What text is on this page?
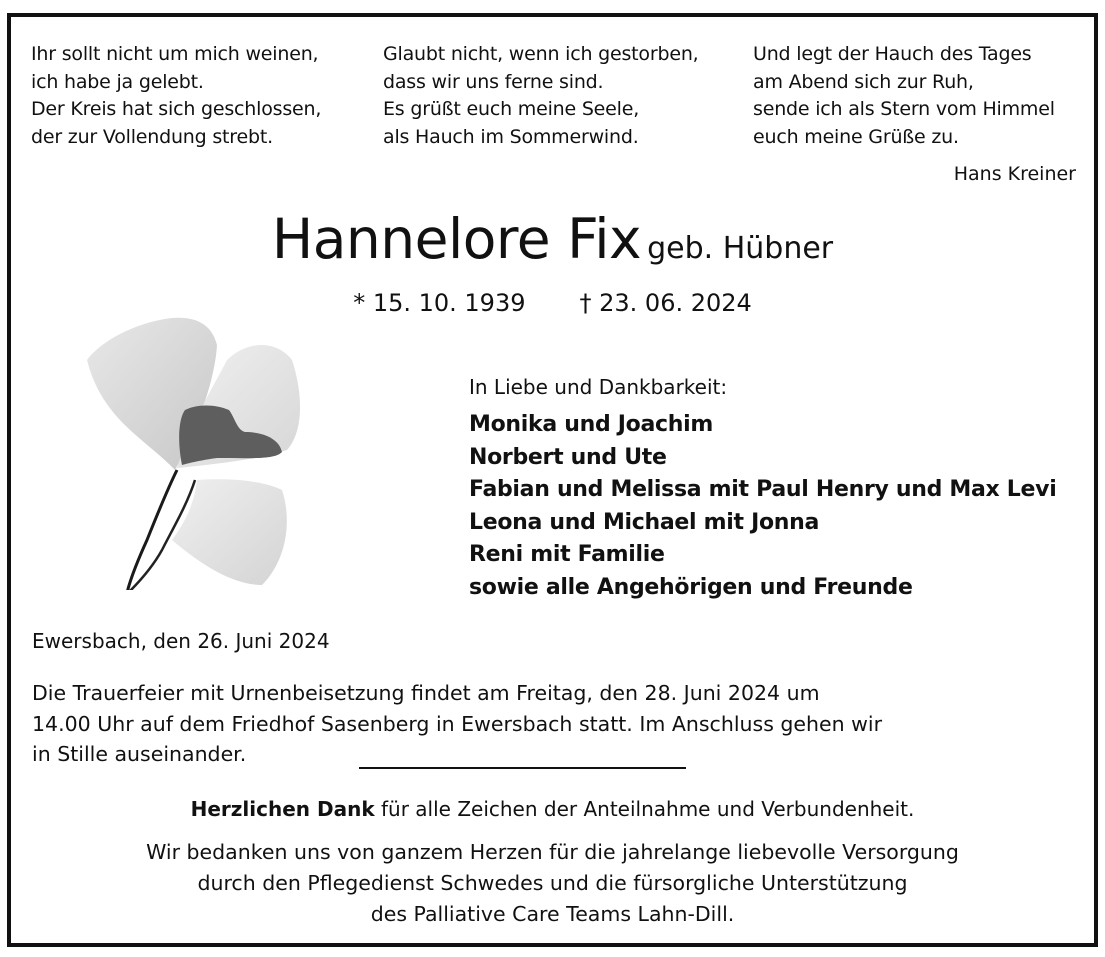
Ihr sollt nicht um mich weinen,
ich habe ja gelebt.
Der Kreis hat sich geschlossen,
der zur Vollendung strebt.
Glaubt nicht, wenn ich gestorben,
dass wir uns ferne sind.
Es grüßt euch meine Seele,
als Hauch im Sommerwind.
Und legt der Hauch des Tages
am Abend sich zur Ruh,
sende ich als Stern vom Himmel
euch meine Grüße zu.
Hans Kreiner
Hannelore Fix geb. Hübner
* 15. 10. 1939 † 23. 06. 2024
In Liebe und Dankbarkeit:
Monika und Joachim
Norbert und Ute
Fabian und Melissa mit Paul Henry und Max Levi
Leona und Michael mit Jonna
Reni mit Familie
sowie alle Angehörigen und Freunde
Ewersbach, den 26. Juni 2024
Die Trauerfeier mit Urnenbeisetzung findet am Freitag, den 28. Juni 2024 um
14.00 Uhr auf dem Friedhof Sasenberg in Ewersbach statt. Im Anschluss gehen wir
in Stille auseinander.
Herzlichen Dank für alle Zeichen der Anteilnahme und Verbundenheit.
Wir bedanken uns von ganzem Herzen für die jahrelange liebevolle Versorgung
durch den Pflegedienst Schwedes und die fürsorgliche Unterstützung
des Palliative Care Teams Lahn-Dill.
